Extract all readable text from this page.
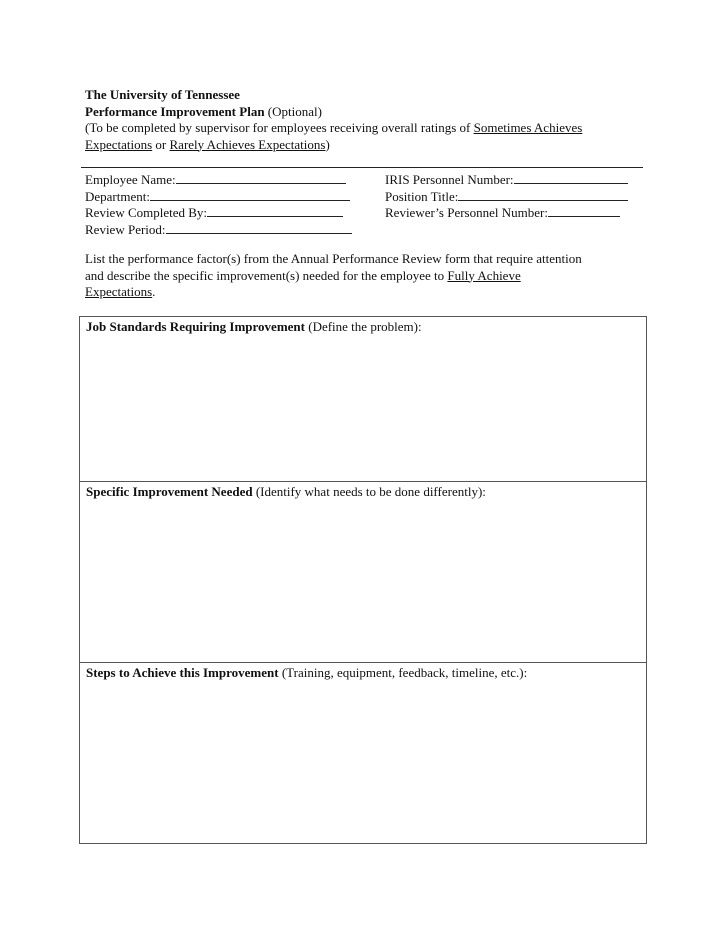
The University of Tennessee
Performance Improvement Plan (Optional)
(To be completed by supervisor for employees receiving overall ratings of Sometimes Achieves
Expectations or Rarely Achieves Expectations)
Employee Name:
Department:
Review Completed By:
Review Period:
IRIS Personnel Number:
Position Title:
Reviewer’s Personnel Number:
List the performance factor(s) from the Annual Performance Review form that require attention
and describe the specific improvement(s) needed for the employee to Fully Achieve
Expectations.
Job Standards Requiring Improvement (Define the problem):
Specific Improvement Needed (Identify what needs to be done differently):
Steps to Achieve this Improvement (Training, equipment, feedback, timeline, etc.):
